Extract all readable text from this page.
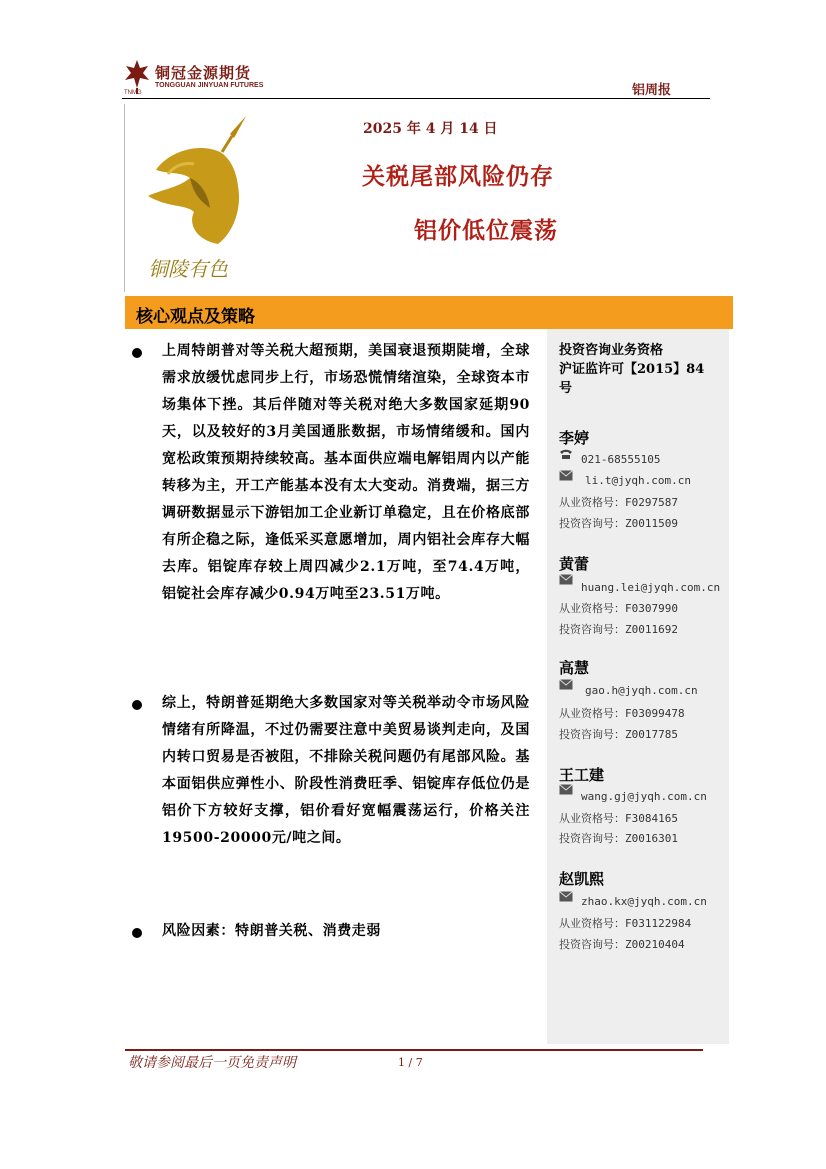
铜冠金源期货
TONGGUAN JINYUAN FUTURES
TNMG	铝周报
铜陵有色
2025 年 4 月 14 日
关税尾部风险仍存
铝价低位震荡
核心观点及策略
上周特朗普对等关税大超预期，美国衰退预期陡增，全球需求放缓忧虑同步上行，市场恐慌情绪渲染，全球资本市场集体下挫。其后伴随对等关税对绝大多数国家延期90天，以及较好的3月美国通胀数据，市场情绪缓和。国内宽松政策预期持续较高。基本面供应端电解铝周内以产能转移为主，开工产能基本没有太大变动。消费端，据三方调研数据显示下游铝加工企业新订单稳定，且在价格底部有所企稳之际，逢低采买意愿增加，周内铝社会库存大幅去库。铝锭库存较上周四减少2.1万吨，至74.4万吨，铝锭社会库存减少0.94万吨至23.51万吨。
综上，特朗普延期绝大多数国家对等关税举动令市场风险情绪有所降温，不过仍需要注意中美贸易谈判走向，及国内转口贸易是否被阻，不排除关税问题仍有尾部风险。基本面铝供应弹性小、阶段性消费旺季、铝锭库存低位仍是铝价下方较好支撑，铝价看好宽幅震荡运行，价格关注19500-20000元/吨之间。
风险因素：特朗普关税、消费走弱
投资咨询业务资格
沪证监许可【2015】84
号
李婷
021-68555105
li.t@jyqh.com.cn
从业资格号：F0297587
投资咨询号：Z0011509
黄蕾
huang.lei@jyqh.com.cn
从业资格号：F0307990
投资咨询号：Z0011692
高慧
gao.h@jyqh.com.cn
从业资格号：F03099478
投资咨询号：Z0017785
王工建
wang.gj@jyqh.com.cn
从业资格号：F3084165
投资咨询号：Z0016301
赵凯熙
zhao.kx@jyqh.com.cn
从业资格号：F031122984
投资咨询号：Z00210404
敬请参阅最后一页免责声明	1 / 7
